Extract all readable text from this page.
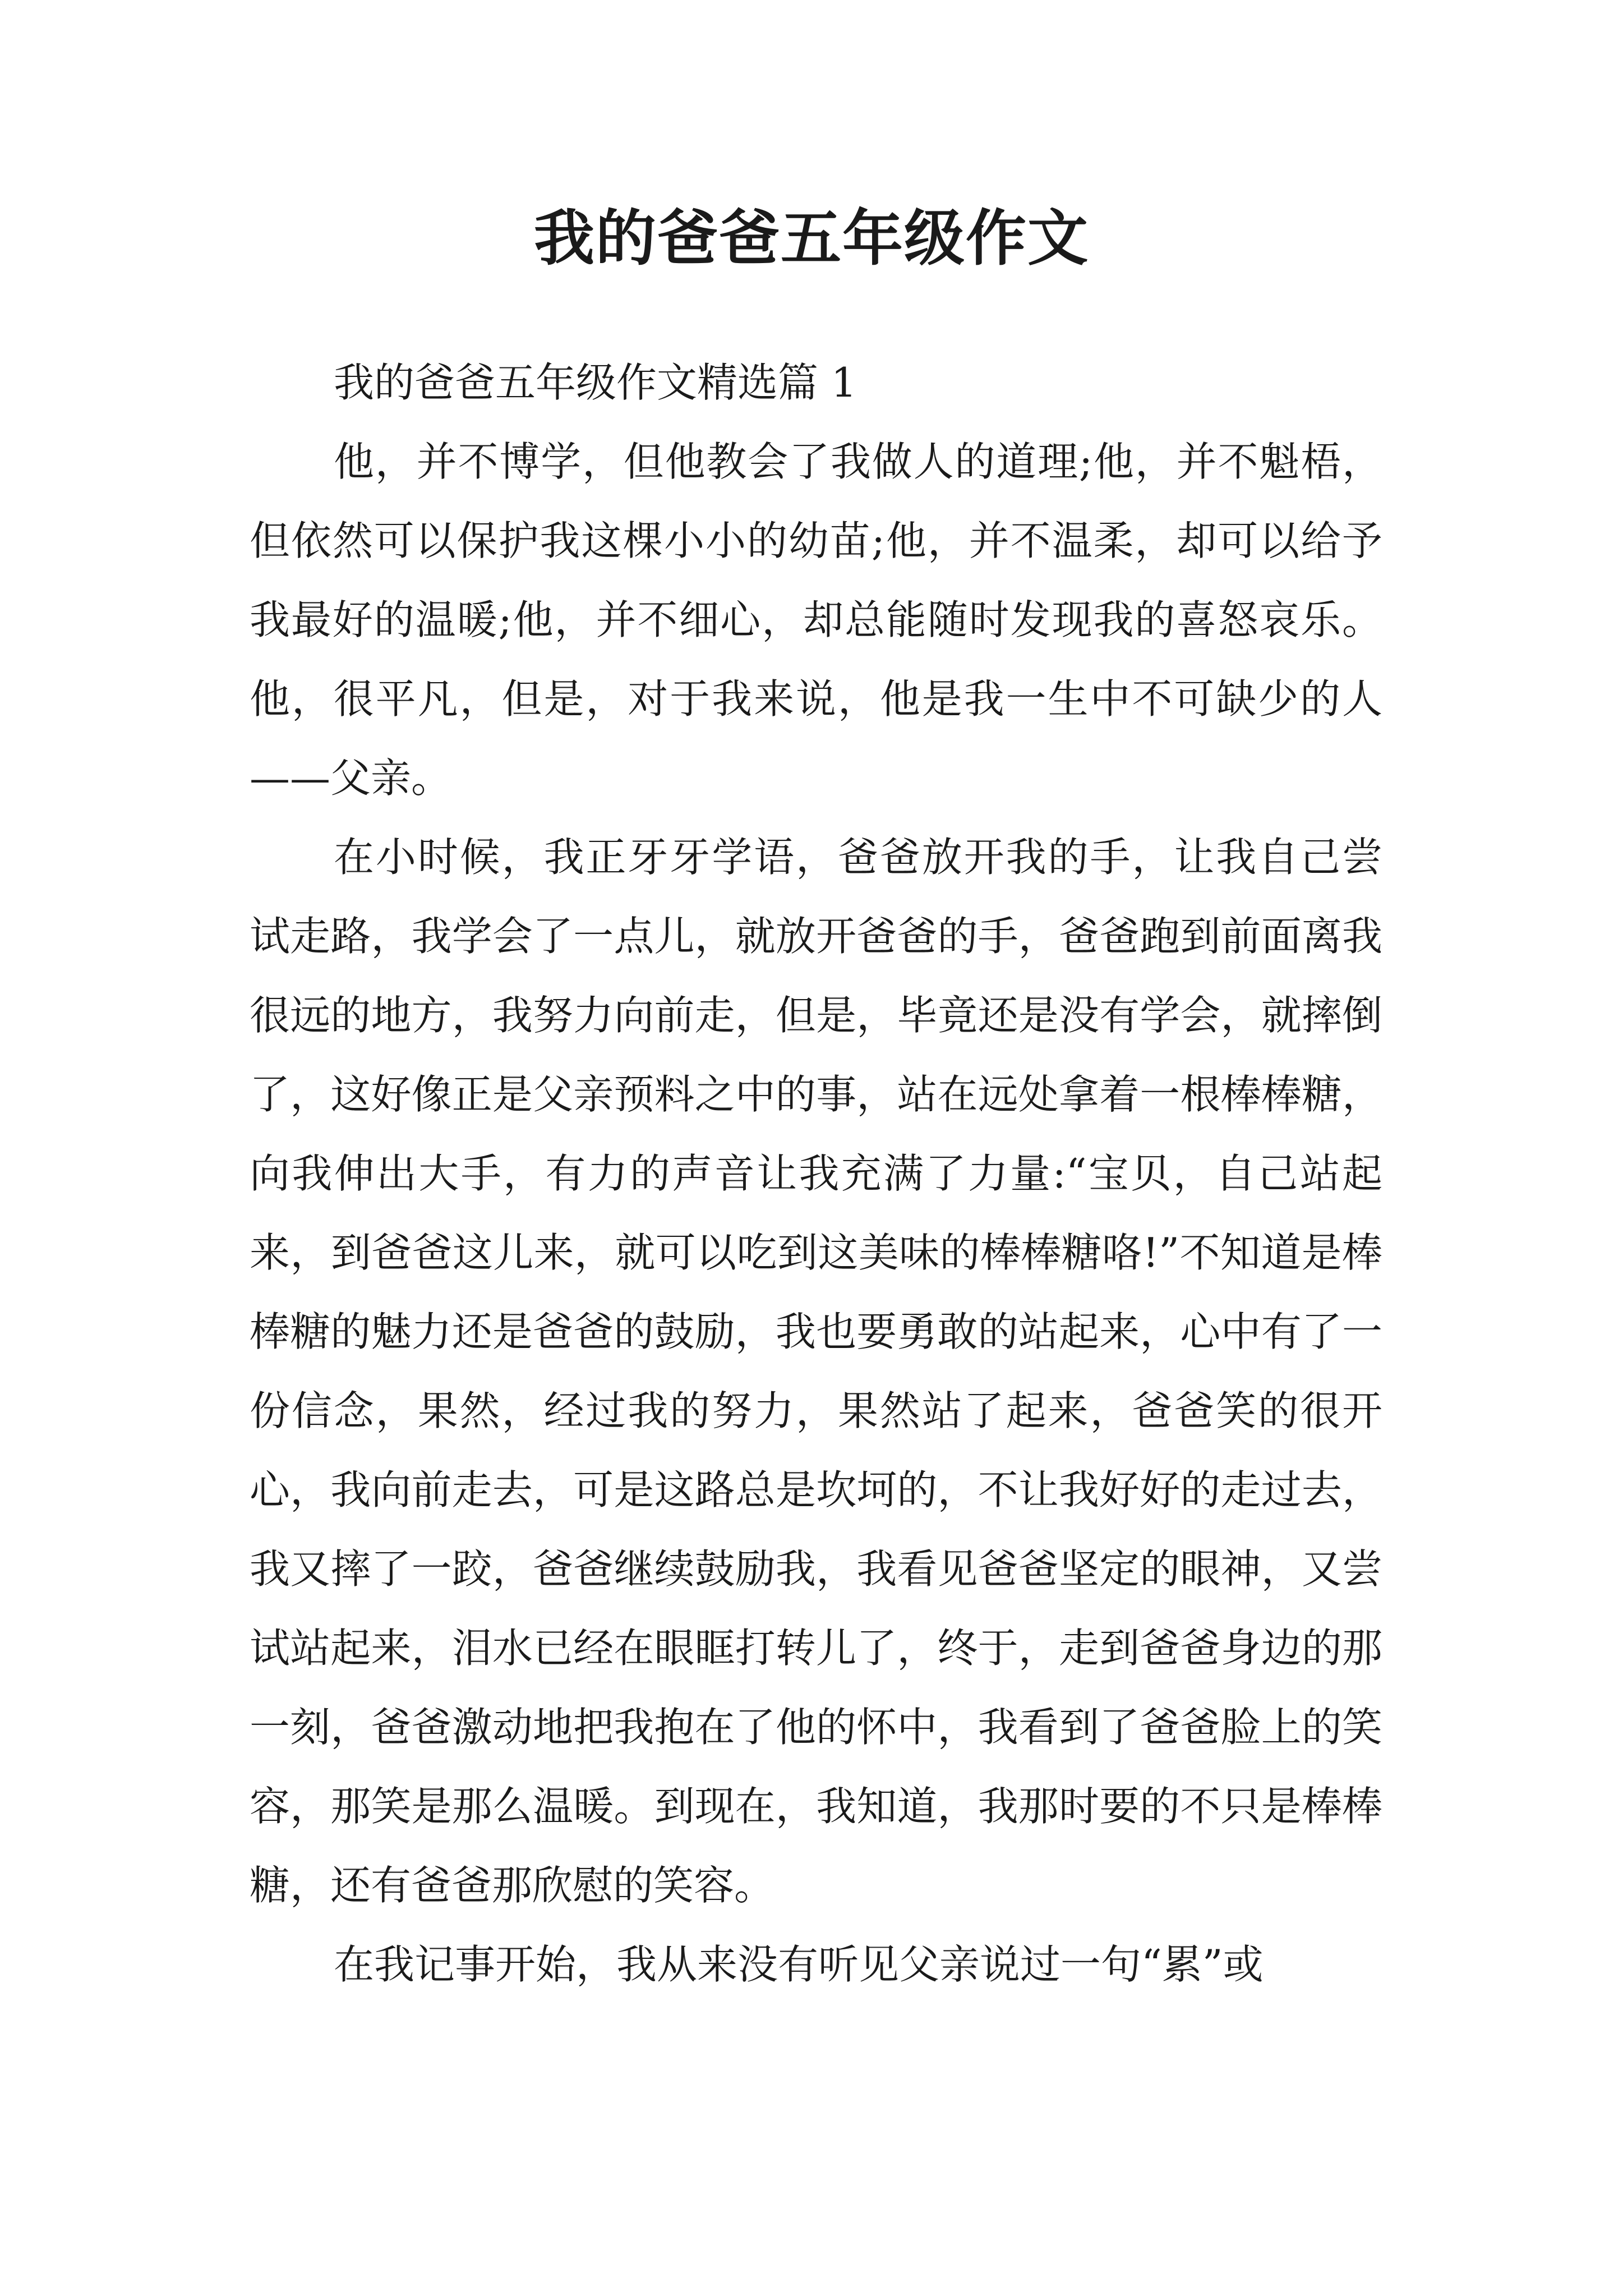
我的爸爸五年级作文

我的爸爸五年级作文精选篇 1

他，并不博学，但他教会了我做人的道理;他，并不魁梧，但依然可以保护我这棵小小的幼苗;他，并不温柔，却可以给予我最好的温暖;他，并不细心，却总能随时发现我的喜怒哀乐。他，很平凡，但是，对于我来说，他是我一生中不可缺少的人——父亲。

在小时候，我正牙牙学语，爸爸放开我的手，让我自己尝试走路，我学会了一点儿，就放开爸爸的手，爸爸跑到前面离我很远的地方，我努力向前走，但是，毕竟还是没有学会，就摔倒了，这好像正是父亲预料之中的事，站在远处拿着一根棒棒糖，向我伸出大手，有力的声音让我充满了力量:“宝贝，自己站起来，到爸爸这儿来，就可以吃到这美味的棒棒糖咯!”不知道是棒棒糖的魅力还是爸爸的鼓励，我也要勇敢的站起来，心中有了一份信念，果然，经过我的努力，果然站了起来，爸爸笑的很开心，我向前走去，可是这路总是坎坷的，不让我好好的走过去，我又摔了一跤，爸爸继续鼓励我，我看见爸爸坚定的眼神，又尝试站起来，泪水已经在眼眶打转儿了，终于，走到爸爸身边的那一刻，爸爸激动地把我抱在了他的怀中，我看到了爸爸脸上的笑容，那笑是那么温暖。到现在，我知道，我那时要的不只是棒棒糖，还有爸爸那欣慰的笑容。

在我记事开始，我从来没有听见父亲说过一句“累”或
